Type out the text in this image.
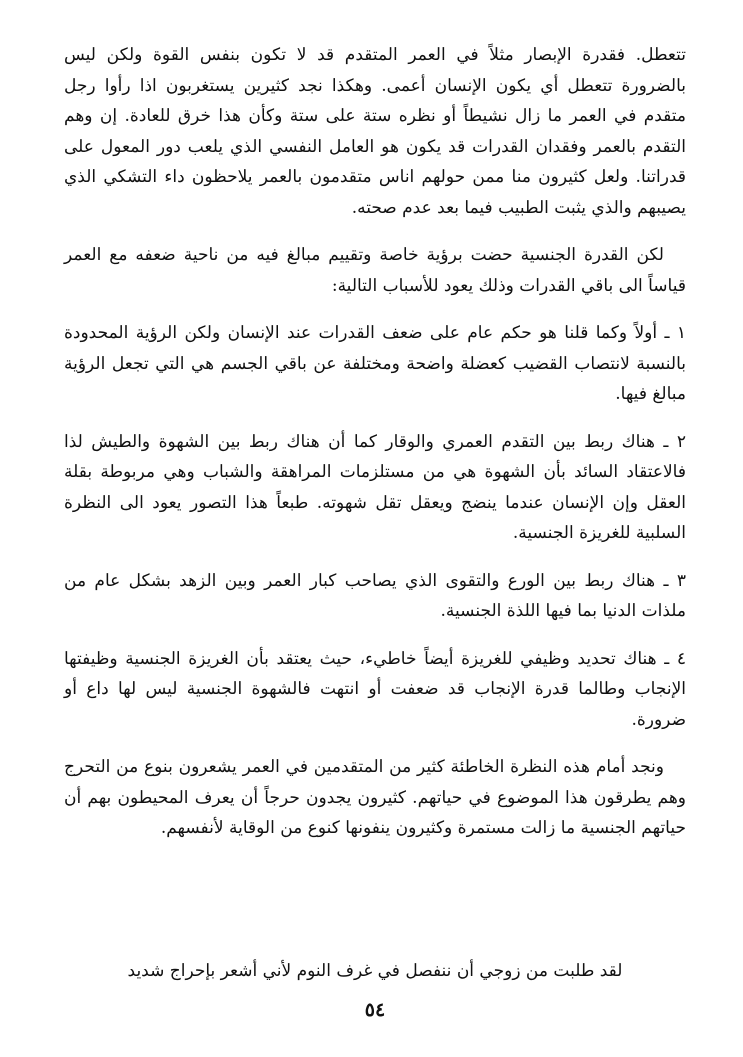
تتعطل. فقدرة الإبصار مثلاً في العمر المتقدم قد لا تكون بنفس القوة ولكن ليس بالضرورة تتعطل أي يكون الإنسان أعمى. وهكذا نجد كثيرين يستغربون اذا رأوا رجل متقدم في العمر ما زال نشيطاً أو نظره ستة على ستة وكأن هذا خرق للعادة. إن وهم التقدم بالعمر وفقدان القدرات قد يكون هو العامل النفسي الذي يلعب دور المعول على قدراتنا. ولعل كثيرون منا ممن حولهم اناس متقدمون بالعمر يلاحظون داء التشكي الذي يصيبهم والذي يثبت الطبيب فيما بعد عدم صحته.

لكن القدرة الجنسية حضت برؤية خاصة وتقييم مبالغ فيه من ناحية ضعفه مع العمر قياساً الى باقي القدرات وذلك يعود للأسباب التالية:

١ ـ أولاً وكما قلنا هو حكم عام على ضعف القدرات عند الإنسان ولكن الرؤية المحدودة بالنسبة لانتصاب القضيب كعضلة واضحة ومختلفة عن باقي الجسم هي التي تجعل الرؤية مبالغ فيها.

٢ ـ هناك ربط بين التقدم العمري والوقار كما أن هناك ربط بين الشهوة والطيش لذا فالاعتقاد السائد بأن الشهوة هي من مستلزمات المراهقة والشباب وهي مربوطة بقلة العقل وإن الإنسان عندما ينضج ويعقل تقل شهوته. طبعاً هذا التصور يعود الى النظرة السلبية للغريزة الجنسية.

٣ ـ هناك ربط بين الورع والتقوى الذي يصاحب كبار العمر وبين الزهد بشكل عام من ملذات الدنيا بما فيها اللذة الجنسية.

٤ ـ هناك تحديد وظيفي للغريزة أيضاً خاطيء، حيث يعتقد بأن الغريزة الجنسية وظيفتها الإنجاب وطالما قدرة الإنجاب قد ضعفت أو انتهت فالشهوة الجنسية ليس لها داع أو ضرورة.

ونجد أمام هذه النظرة الخاطئة كثير من المتقدمين في العمر يشعرون بنوع من التحرج وهم يطرقون هذا الموضوع في حياتهم. كثيرون يجدون حرجاً أن يعرف المحيطون بهم أن حياتهم الجنسية ما زالت مستمرة وكثيرون ينفونها كنوع من الوقاية لأنفسهم.

لقد طلبت من زوجي أن ننفصل في غرف النوم لأني أشعر بإحراج شديد

٥٤
